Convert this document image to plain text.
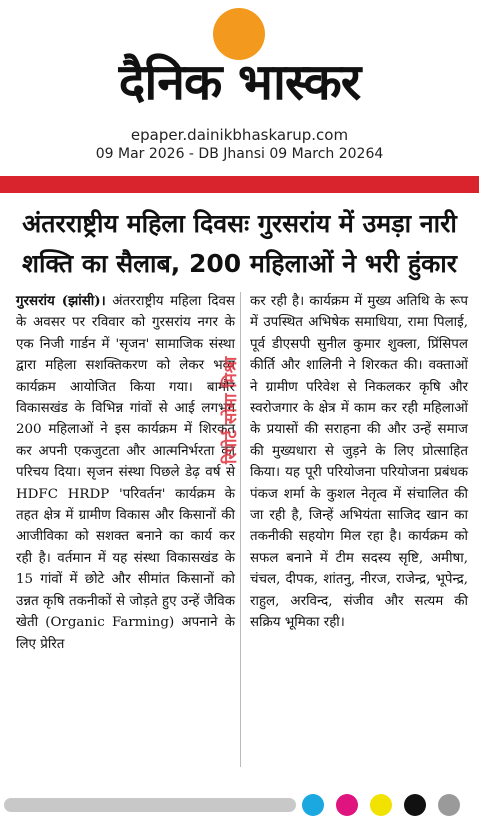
दैनिक भास्कर
epaper.dainikbhaskarup.com
09 Mar 2026 - DB Jhansi 09 March 20264
अंतरराष्ट्रीय महिला दिवसः गुरसरांय में उमड़ा नारी
शक्ति का सैलाब, 200 महिलाओं ने भरी हुंकार
गुरसरांय (झांसी)। अंतरराष्ट्रीय महिला दिवस के अवसर पर रविवार को गुरसरांय नगर के एक निजी गार्डन में 'सृजन' सामाजिक संस्था द्वारा महिला सशक्तिकरण को लेकर भव्य कार्यक्रम आयोजित किया गया। बामौर विकासखंड के विभिन्न गांवों से आई लगभग 200 महिलाओं ने इस कार्यक्रम में शिरकत कर अपनी एकजुटता और आत्मनिर्भरता का परिचय दिया। सृजन संस्था पिछले डेढ़ वर्ष से HDFC HRDP 'परिवर्तन' कार्यक्रम के तहत क्षेत्र में ग्रामीण विकास और किसानों की आजीविका को सशक्त बनाने का कार्य कर रही है। वर्तमान में यह संस्था विकासखंड के 15 गांवों में छोटे और सीमांत किसानों को उन्नत कृषि तकनीकों से जोड़ते हुए उन्हें जैविक खेती (Organic Farming) अपनाने के लिए प्रेरित
रिपोर्ट सोमा मिश्रा
कर रही है। कार्यक्रम में मुख्य अतिथि के रूप में उपस्थित अभिषेक समाधिया, रामा पिलाई, पूर्व डीएसपी सुनील कुमार शुक्ला, प्रिंसिपल कीर्ति और शालिनी ने शिरकत की। वक्ताओं ने ग्रामीण परिवेश से निकलकर कृषि और स्वरोजगार के क्षेत्र में काम कर रही महिलाओं के प्रयासों की सराहना की और उन्हें समाज की मुख्यधारा से जुड़ने के लिए प्रोत्साहित किया। यह पूरी परियोजना परियोजना प्रबंधक पंकज शर्मा के कुशल नेतृत्व में संचालित की जा रही है, जिन्हें अभियंता साजिद खान का तकनीकी सहयोग मिल रहा है। कार्यक्रम को सफल बनाने में टीम सदस्य सृष्टि, अमीषा, चंचल, दीपक, शांतनु, नीरज, राजेन्द्र, भूपेन्द्र, राहुल, अरविन्द, संजीव और सत्यम की सक्रिय भूमिका रही।
